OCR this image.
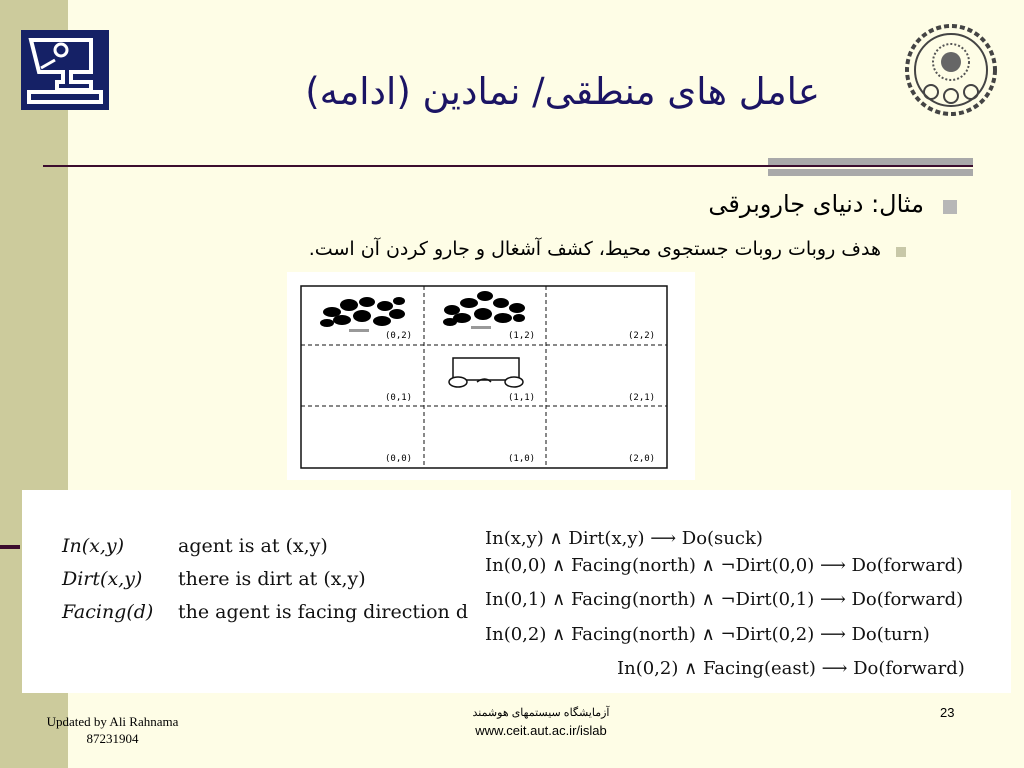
عامل های منطقی/ نمادین (ادامه)
مثال: دنیای جاروبرقی
هدف روبات روبات جستجوی محیط، کشف آشغال و جارو کردن آن است.
(0,2)	(1,2)	(2,2)
(0,1)	(1,1)	(2,1)
(0,0)	(1,0)	(2,0)
In(x,y)	agent is at (x,y)
Dirt(x,y) there is dirt at (x,y)
Facing(d) the agent is facing direction d
In(x,y) ∧ Dirt(x,y) ⟶ Do(suck)
In(0,0) ∧ Facing(north) ∧ ¬Dirt(0,0) ⟶ Do(forward)
In(0,1) ∧ Facing(north) ∧ ¬Dirt(0,1) ⟶ Do(forward)
In(0,2) ∧ Facing(north) ∧ ¬Dirt(0,2) ⟶ Do(turn)
In(0,2) ∧ Facing(east) ⟶ Do(forward)
Updated by Ali Rahnama
87231904
آزمایشگاه سیستمهای هوشمند
www.ceit.aut.ac.ir/islab
23
